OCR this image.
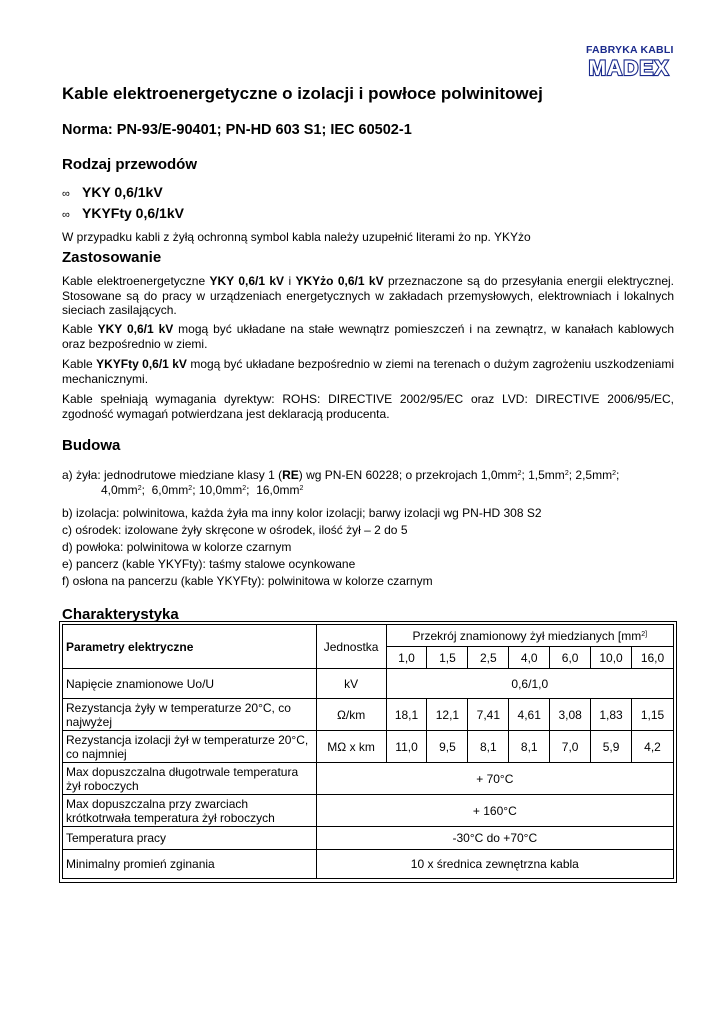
FABRYKA KABLI
MADEX
Kable elektroenergetyczne o izolacji i powłoce polwinitowej
Norma: PN-93/E-90401; PN-HD 603 S1; IEC 60502-1
Rodzaj przewodów
∞ YKY 0,6/1kV
∞ YKYFty 0,6/1kV
W przypadku kabli z żyłą ochronną symbol kabla należy uzupełnić literami żo np. YKYżo
Zastosowanie
Kable elektroenergetyczne YKY 0,6/1 kV i YKYżo 0,6/1 kV przeznaczone są do przesyłania energii elektrycznej. Stosowane są do pracy w urządzeniach energetycznych w zakładach przemysłowych, elektrowniach i lokalnych sieciach zasilających.
Kable YKY 0,6/1 kV mogą być układane na stałe wewnątrz pomieszczeń i na zewnątrz, w kanałach kablowych oraz bezpośrednio w ziemi.
Kable YKYFty 0,6/1 kV mogą być układane bezpośrednio w ziemi na terenach o dużym zagrożeniu uszkodzeniami mechanicznymi.
Kable spełniają wymagania dyrektyw: ROHS: DIRECTIVE 2002/95/EC oraz LVD: DIRECTIVE 2006/95/EC, zgodność wymagań potwierdzana jest deklaracją producenta.
Budowa
a) żyła: jednodrutowe miedziane klasy 1 (RE) wg PN-EN 60228; o przekrojach $1,0mm^2$; $1,5mm^2$; $2,5mm^2$;
$4,0mm^2$;  $6,0mm^2$; $10,0mm^2$;  $16,0mm^2$
b) izolacja: polwinitowa, każda żyła ma inny kolor izolacji; barwy izolacji wg PN-HD 308 S2
c) ośrodek: izolowane żyły skręcone w ośrodek, ilość żył – 2 do 5
d) powłoka: polwinitowa w kolorze czarnym
e) pancerz (kable YKYFty): taśmy stalowe ocynkowane
f) osłona na pancerzu (kable YKYFty): polwinitowa w kolorze czarnym
Charakterystyka
Parametry elektryczne	Jednostka	Przekrój znamionowy żył miedzianych [$mm^{2]}$
		1,0	1,5	2,5	4,0	6,0	10,0	16,0
Napięcie znamionowe Uo/U	kV	0,6/1,0						
Rezystancja żyły w temperaturze 20°C, co najwyżej	Ω/km	18,1	12,1	7,41	4,61	3,08	1,83	1,15
Rezystancja izolacji żył w temperaturze 20°C, co najmniej	MΩ x km	11,0	9,5	8,1	8,1	7,0	5,9	4,2
Max dopuszczalna długotrwale temperatura żył roboczych	+ 70°C							
Max dopuszczalna przy zwarciach krótkotrwała temperatura żył roboczych	+ 160°C							
Temperatura pracy	-30°C do +70°C							
Minimalny promień zginania	10 x średnica zewnętrzna kabla							
